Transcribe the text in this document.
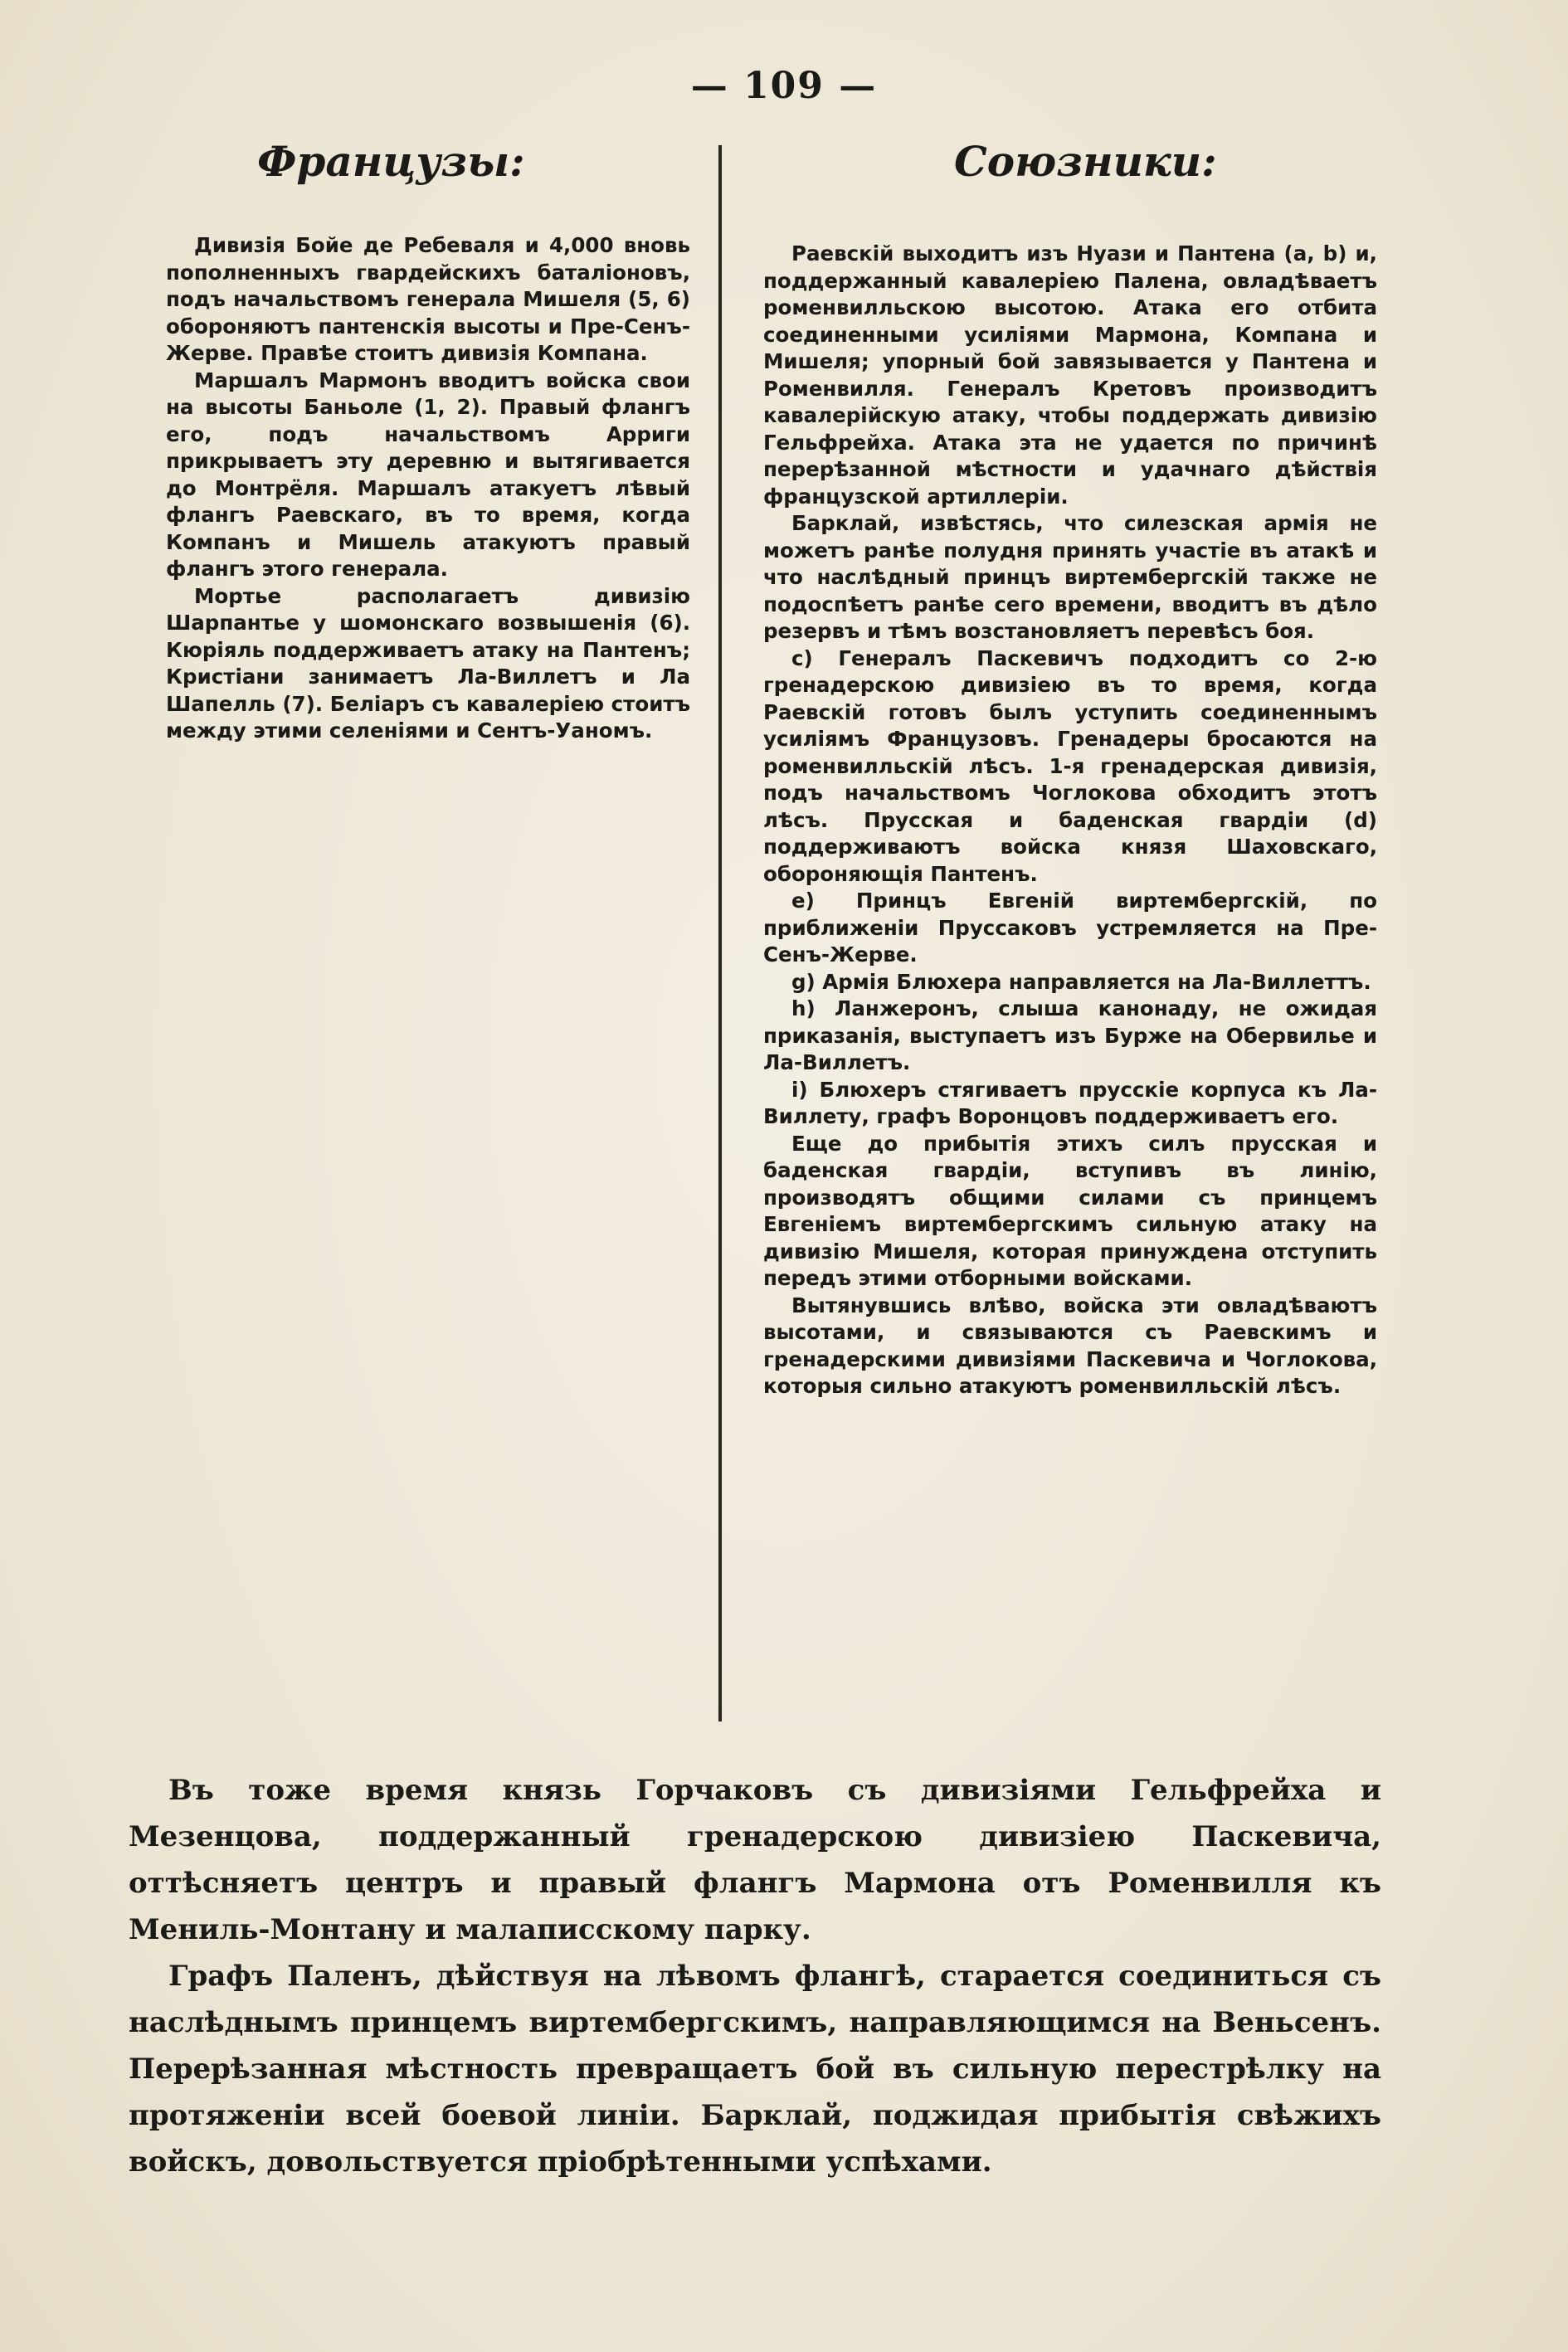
— 109 —
Французы:	Союзники:

Дивизія Бойе де Ребеваля и 4,000 вновь пополненныхъ гвардейскихъ баталіоновъ, подъ начальствомъ генерала Мишеля (5, 6) обороняютъ пантенскія высоты и Пре-Сенъ-Жерве. Правѣе стоитъ дивизія Компана.

Маршалъ Мармонъ вводитъ войска свои на высоты Баньоле (1, 2). Правый флангъ его, подъ начальствомъ Арриги прикрываетъ эту деревню и вытягивается до Монтрёля. Маршалъ атакуетъ лѣвый флангъ Раевскаго, въ то время, когда Компанъ и Мишель атакуютъ правый флангъ этого генерала.

Мортье располагаетъ дивизію Шарпантье у шомонскаго возвышенія (6). Кюріяль поддерживаетъ атаку на Пантенъ; Кристіани занимаетъ Ла-Виллетъ и Ла Шапелль (7). Беліаръ съ кавалеріею стоитъ между этими селеніями и Сентъ-Уаномъ.

Раевскій выходитъ изъ Нуази и Пантена (а, b) и, поддержанный кавалеріею Палена, овладѣваетъ роменвилльскою высотою. Атака его отбита соединенными усиліями Мармона, Компана и Мишеля; упорный бой завязывается у Пантена и Роменвилля. Генералъ Кретовъ производитъ кавалерійскую атаку, чтобы поддержать дивизію Гельфрейха. Атака эта не удается по причинѣ перерѣзанной мѣстности и удачнаго дѣйствія французской артиллеріи.

Барклай, извѣстясь, что силезская армія не можетъ ранѣе полудня принять участіе въ атакѣ и что наслѣдный принцъ виртембергскій также не подоспѣетъ ранѣе сего времени, вводитъ въ дѣло резервъ и тѣмъ возстановляетъ перевѣсъ боя.

c) Генералъ Паскевичъ подходитъ со 2-ю гренадерскою дивизіею въ то время, когда Раевскій готовъ былъ уступить соединеннымъ усиліямъ Французовъ. Гренадеры бросаются на роменвилльскій лѣсъ. 1-я гренадерская дивизія, подъ начальствомъ Чоглокова обходитъ этотъ лѣсъ. Прусская и баденская гвардіи (d) поддерживаютъ войска князя Шаховскаго, обороняющія Пантенъ.

e) Принцъ Евгеній виртембергскій, по приближеніи Пруссаковъ устремляется на Пре-Сенъ-Жерве.

g) Армія Блюхера направляется на Ла-Виллеттъ.

h) Ланжеронъ, слыша канонаду, не ожидая приказанія, выступаетъ изъ Бурже на Обервилье и Ла-Виллетъ.

i) Блюхеръ стягиваетъ прусскіе корпуса къ Ла-Виллету, графъ Воронцовъ поддерживаетъ его.

Еще до прибытія этихъ силъ прусская и баденская гвардіи, вступивъ въ линію, производятъ общими силами съ принцемъ Евгеніемъ виртембергскимъ сильную атаку на дивизію Мишеля, которая принуждена отступить передъ этими отборными войсками.

Вытянувшись влѣво, войска эти овладѣваютъ высотами, и связываются съ Раевскимъ и гренадерскими дивизіями Паскевича и Чоглокова, которыя сильно атакуютъ роменвилльскій лѣсъ.

Въ тоже время князь Горчаковъ съ дивизіями Гельфрейха и Мезенцова, поддержанный гренадерскою дивизіею Паскевича, оттѣсняетъ центръ и правый флангъ Мармона отъ Роменвилля къ Мениль-Монтану и малаписскому парку.

Графъ Паленъ, дѣйствуя на лѣвомъ флангѣ, старается соединиться съ наслѣднымъ принцемъ виртембергскимъ, направляющимся на Веньсенъ. Перерѣзанная мѣстность превращаетъ бой въ сильную перестрѣлку на протяженіи всей боевой линіи. Барклай, поджидая прибытія свѣжихъ войскъ, довольствуется пріобрѣтенными успѣхами.
